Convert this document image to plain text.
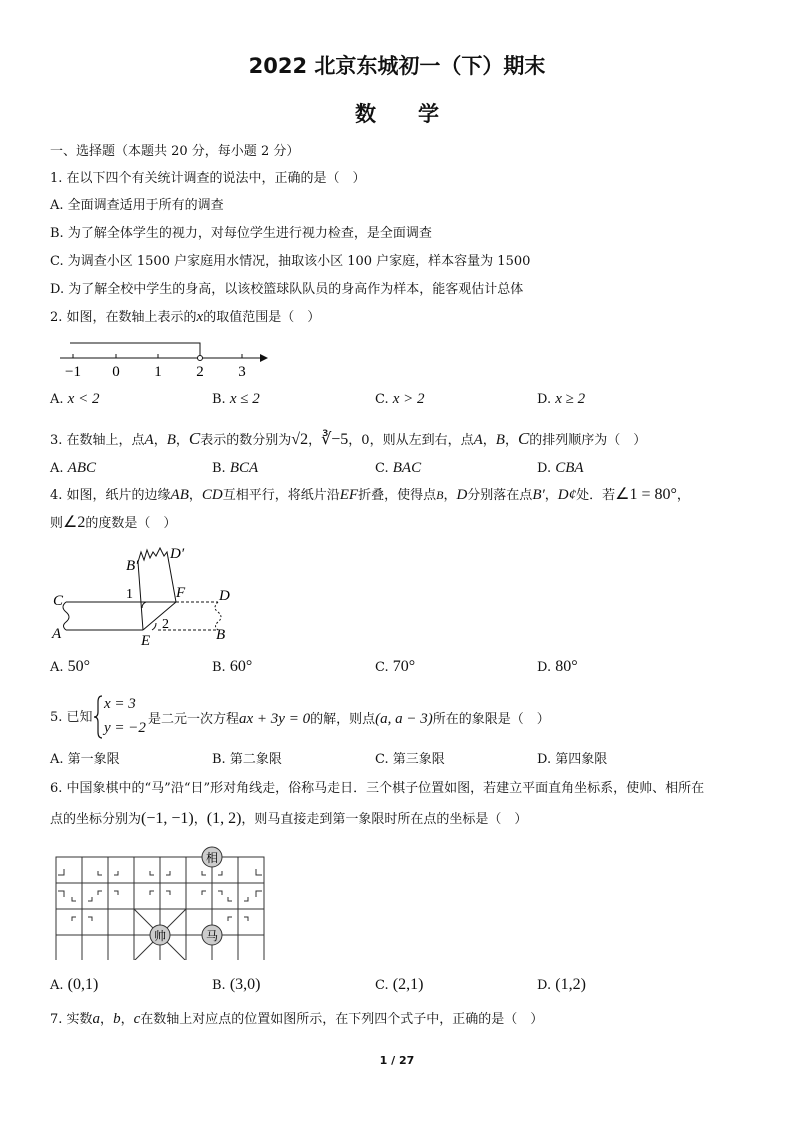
2022 北京东城初一（下）期末
数　　学
一、选择题（本题共 20 分，每小题 2 分）
1. 在以下四个有关统计调查的说法中，正确的是（　）
A. 全面调查适用于所有的调查
B. 为了解全体学生的视力，对每位学生进行视力检查，是全面调查
C. 为调查小区 1500 户家庭用水情况，抽取该小区 100 户家庭，样本容量为 1500
D. 为了解全校中学生的身高，以该校篮球队队员的身高作为样本，能客观估计总体
2. 如图，在数轴上表示的x的取值范围是（　）
−1 0 1 2 3
A. x < 2	B. x ≤ 2	C. x > 2	D. x ≥ 2
3. 在数轴上，点A，B，C表示的数分别为√2，∛−5，0，则从左到右，点A，B，C的排列顺序为（　）
A. ABC	B. BCA	C. BAC	D. CBA
4. 如图，纸片的边缘AB，CD互相平行，将纸片沿EF折叠，使得点B，D分别落在点B′，D¢处．若∠1 = 80°，
则∠2的度数是（　）
B′
D′
C
A
1	F D
2
E	B
A. 50°	B. 60°	C. 70°	D. 80°
5. 已知
x = 3
y = −2
是二元一次方程ax + 3y = 0的解，则点(a, a − 3)所在的象限是（　）
A. 第一象限	B. 第二象限	C. 第三象限	D. 第四象限
6. 中国象棋中的“马”沿“日”形对角线走，俗称马走日．三个棋子位置如图，若建立平面直角坐标系，使帅、相所在
点的坐标分别为(−1, −1)，(1, 2)，则马直接走到第一象限时所在点的坐标是（　）
相
帅	马
A. (0,1)	B. (3,0)	C. (2,1)	D. (1,2)
7. 实数a，b，c在数轴上对应点的位置如图所示，在下列四个式子中，正确的是（　）
1 / 27
